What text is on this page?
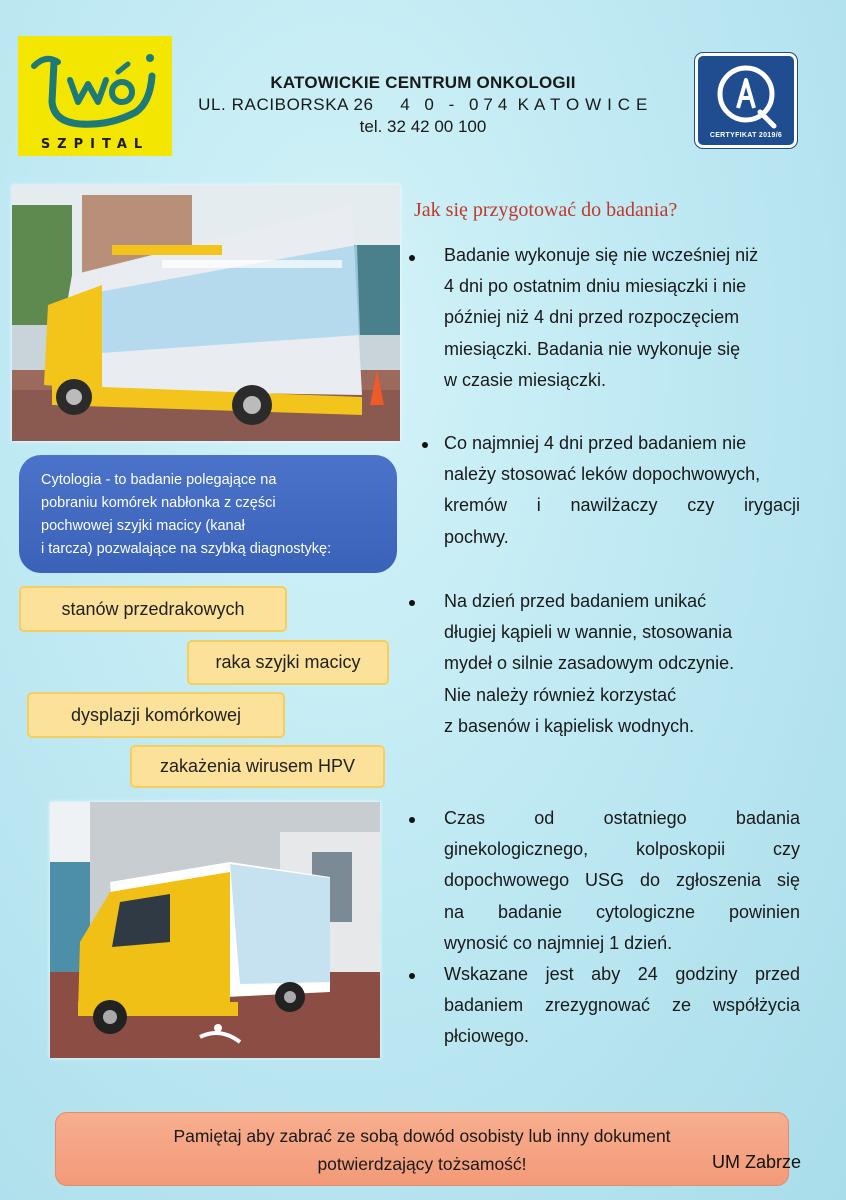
SZPITAL
KATOWICKIE CENTRUM ONKOLOGII
UL. RACIBORSKA 26 4 0 - 074 K A T O W I C E
tel. 32 42 00 100	CERTYFIKAT 2019/6
Cytologia - to badanie polegające na
pobraniu komórek nabłonka z części
pochwowej szyjki macicy (kanał
i tarcza) pozwalające na szybką diagnostykę:
stanów przedrakowych
raka szyjki macicy
dysplazji komórkowej
zakażenia wirusem HPV
Jak się przygotować do badania?
Badanie wykonuje się nie wcześniej niż
4 dni po ostatnim dniu miesiączki i nie
później niż 4 dni przed rozpoczęciem
miesiączki. Badania nie wykonuje się
w czasie miesiączki.
Co najmniej 4 dni przed badaniem nie
należy stosować leków dopochwowych,
kremów i nawilżaczy czy irygacji
pochwy.
Na dzień przed badaniem unikać
długiej kąpieli w wannie, stosowania
mydeł o silnie zasadowym odczynie.
Nie należy również korzystać
z basenów i kąpielisk wodnych.
Czas od ostatniego badania
ginekologicznego, kolposkopii czy
dopochwowego USG do zgłoszenia się
na badanie cytologiczne powinien
wynosić co najmniej 1 dzień.
Wskazane jest aby 24 godziny przed
badaniem zrezygnować ze współżycia
płciowego.
Pamiętaj aby zabrać ze sobą dowód osobisty lub inny dokument
potwierdzający tożsamość!	UM Zabrze
